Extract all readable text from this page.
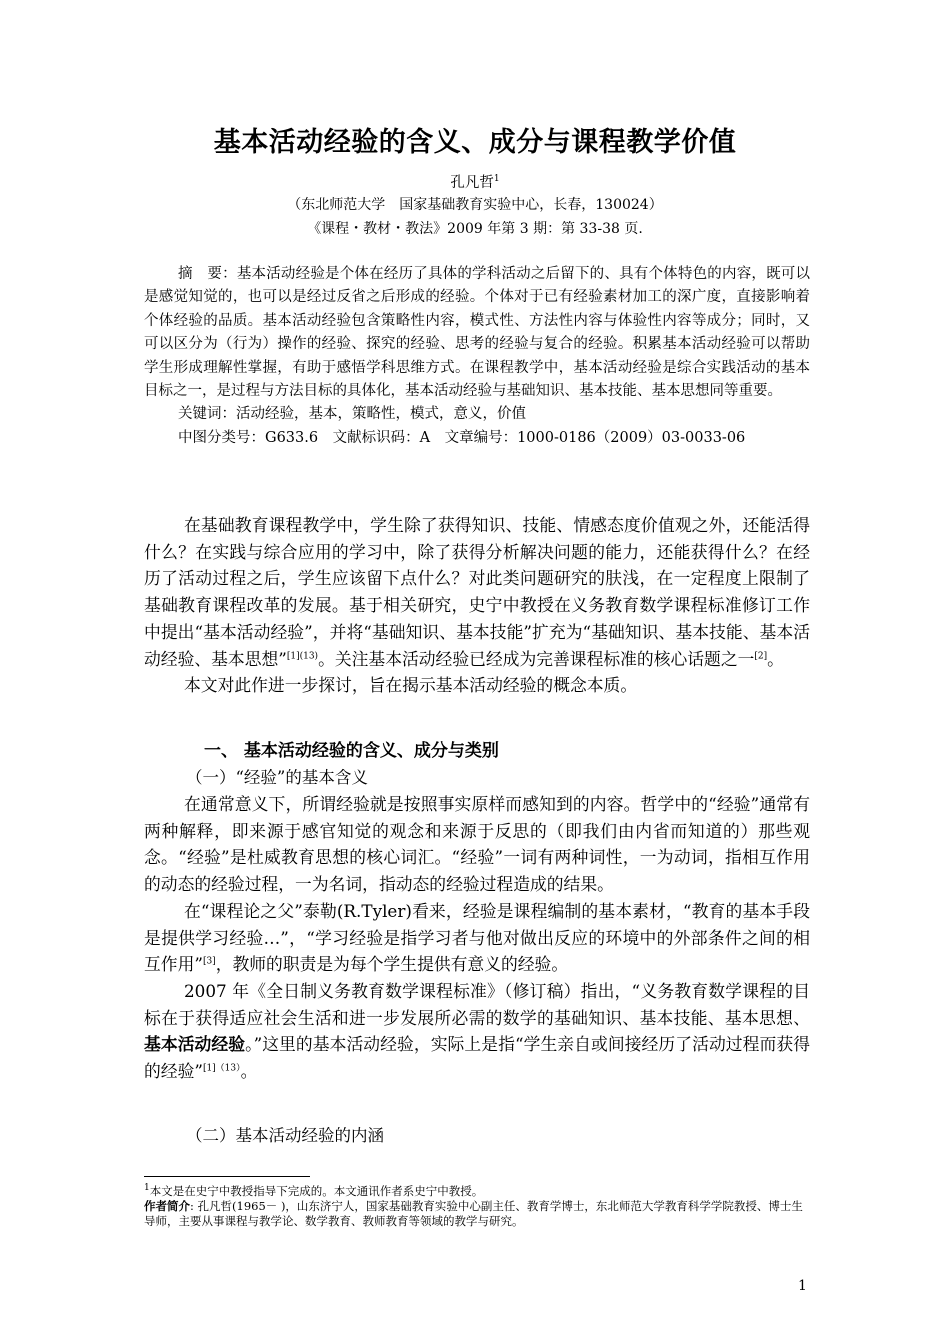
基本活动经验的含义、成分与课程教学价值
孔凡哲$^1$
（东北师范大学　国家基础教育实验中心，长春，130024）
《课程・教材・教法》2009 年第 3 期：第 33-38 页.

摘　要：基本活动经验是个体在经历了具体的学科活动之后留下的、具有个体特色的内容，既可以是感觉知觉的，也可以是经过反省之后形成的经验。个体对于已有经验素材加工的深广度，直接影响着个体经验的品质。基本活动经验包含策略性内容，模式性、方法性内容与体验性内容等成分；同时，又可以区分为（行为）操作的经验、探究的经验、思考的经验与复合的经验。积累基本活动经验可以帮助学生形成理解性掌握，有助于感悟学科思维方式。在课程教学中，基本活动经验是综合实践活动的基本目标之一，是过程与方法目标的具体化，基本活动经验与基础知识、基本技能、基本思想同等重要。

关键词：活动经验，基本，策略性，模式，意义，价值

中图分类号：G633.6　文献标识码：A　文章编号：1000-0186（2009）03-0033-06

在基础教育课程教学中，学生除了获得知识、技能、情感态度价值观之外，还能活得什么？在实践与综合应用的学习中，除了获得分析解决问题的能力，还能获得什么？在经历了活动过程之后，学生应该留下点什么？对此类问题研究的肤浅，在一定程度上限制了基础教育课程改革的发展。基于相关研究，史宁中教授在义务教育数学课程标准修订工作中提出“基本活动经验”，并将“基础知识、基本技能”扩充为“基础知识、基本技能、基本活动经验、基本思想”$^{[1](13)}$。关注基本活动经验已经成为完善课程标准的核心话题之一[2]。

本文对此作进一步探讨，旨在揭示基本活动经验的概念本质。

一、 基本活动经验的含义、成分与类别
（一）“经验”的基本含义

在通常意义下，所谓经验就是按照事实原样而感知到的内容。哲学中的“经验”通常有两种解释，即来源于感官知觉的观念和来源于反思的（即我们由内省而知道的）那些观念。“经验”是杜威教育思想的核心词汇。“经验”一词有两种词性，一为动词，指相互作用的动态的经验过程，一为名词，指动态的经验过程造成的结果。

在“课程论之父”泰勒(R.Tyler)看来，经验是课程编制的基本素材，“教育的基本手段是提供学习经验…”，“学习经验是指学习者与他对做出反应的环境中的外部条件之间的相互作用”[3]，教师的职责是为每个学生提供有意义的经验。

2007 年《全日制义务教育数学课程标准》（修订稿）指出，“义务教育数学课程的目标在于获得适应社会生活和进一步发展所必需的数学的基础知识、基本技能、基本思想、基本活动经验。”这里的基本活动经验，实际上是指“学生亲自或间接经历了活动过程而获得的经验”$^{[1](13)}$。

（二）基本活动经验的内涵

$^1$本文是在史宁中教授指导下完成的。本文通讯作者系史宁中教授。

作者简介: 孔凡哲(1965－ )，山东济宁人，国家基础教育实验中心副主任、教育学博士，东北师范大学教育科学学院教授、博士生导师，主要从事课程与教学论、数学教育、教师教育等领域的教学与研究。

1
